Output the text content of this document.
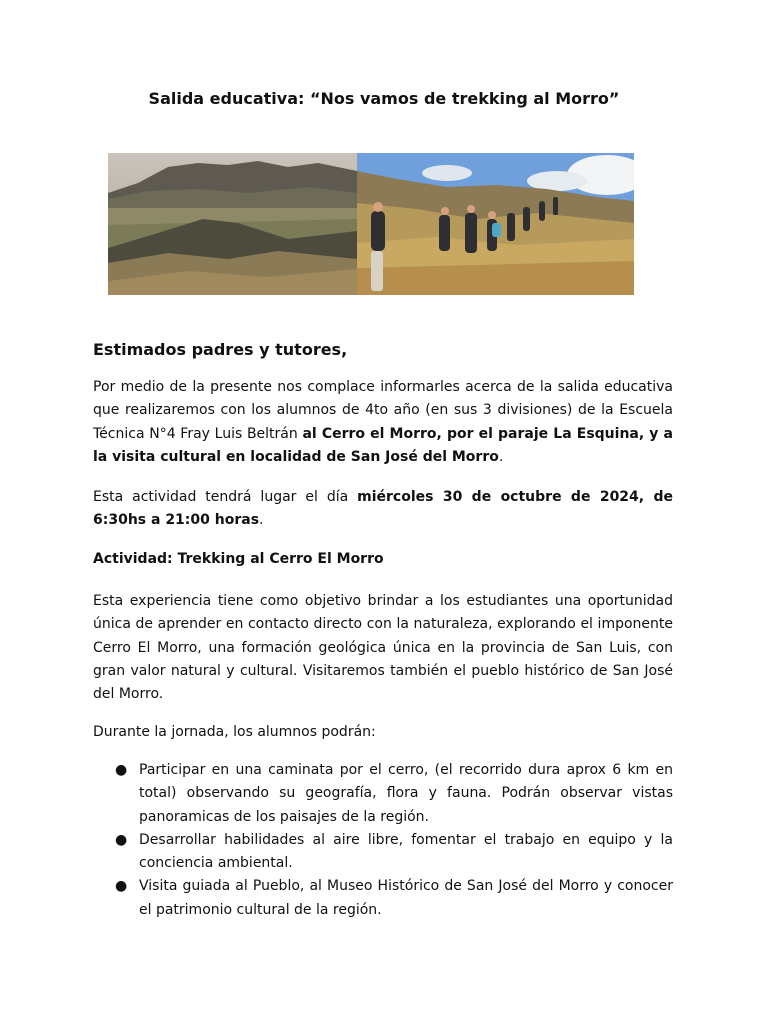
Salida educativa: “Nos vamos de trekking al Morro”
Estimados padres y tutores,
Por medio de la presente nos complace informarles acerca de la salida educativa que realizaremos con los alumnos de 4to año (en sus 3 divisiones) de la Escuela Técnica N°4 Fray Luis Beltrán al Cerro el Morro, por el paraje La Esquina, y a la visita cultural en localidad de San José del Morro.
Esta actividad tendrá lugar el día miércoles 30 de octubre de 2024, de 6:30hs a 21:00 horas.
Actividad: Trekking al Cerro El Morro
Esta experiencia tiene como objetivo brindar a los estudiantes una oportunidad única de aprender en contacto directo con la naturaleza, explorando el imponente Cerro El Morro, una formación geológica única en la provincia de San Luis, con gran valor natural y cultural. Visitaremos también el pueblo histórico de San José del Morro.
Durante la jornada, los alumnos podrán:
● Participar en una caminata por el cerro, (el recorrido dura aprox 6 km en total) observando su geografía, flora y fauna. Podrán observar vistas panoramicas de los paisajes de la región.
● Desarrollar habilidades al aire libre, fomentar el trabajo en equipo y la conciencia ambiental.
● Visita guiada al Pueblo, al Museo Histórico de San José del Morro y conocer el patrimonio cultural de la región.
